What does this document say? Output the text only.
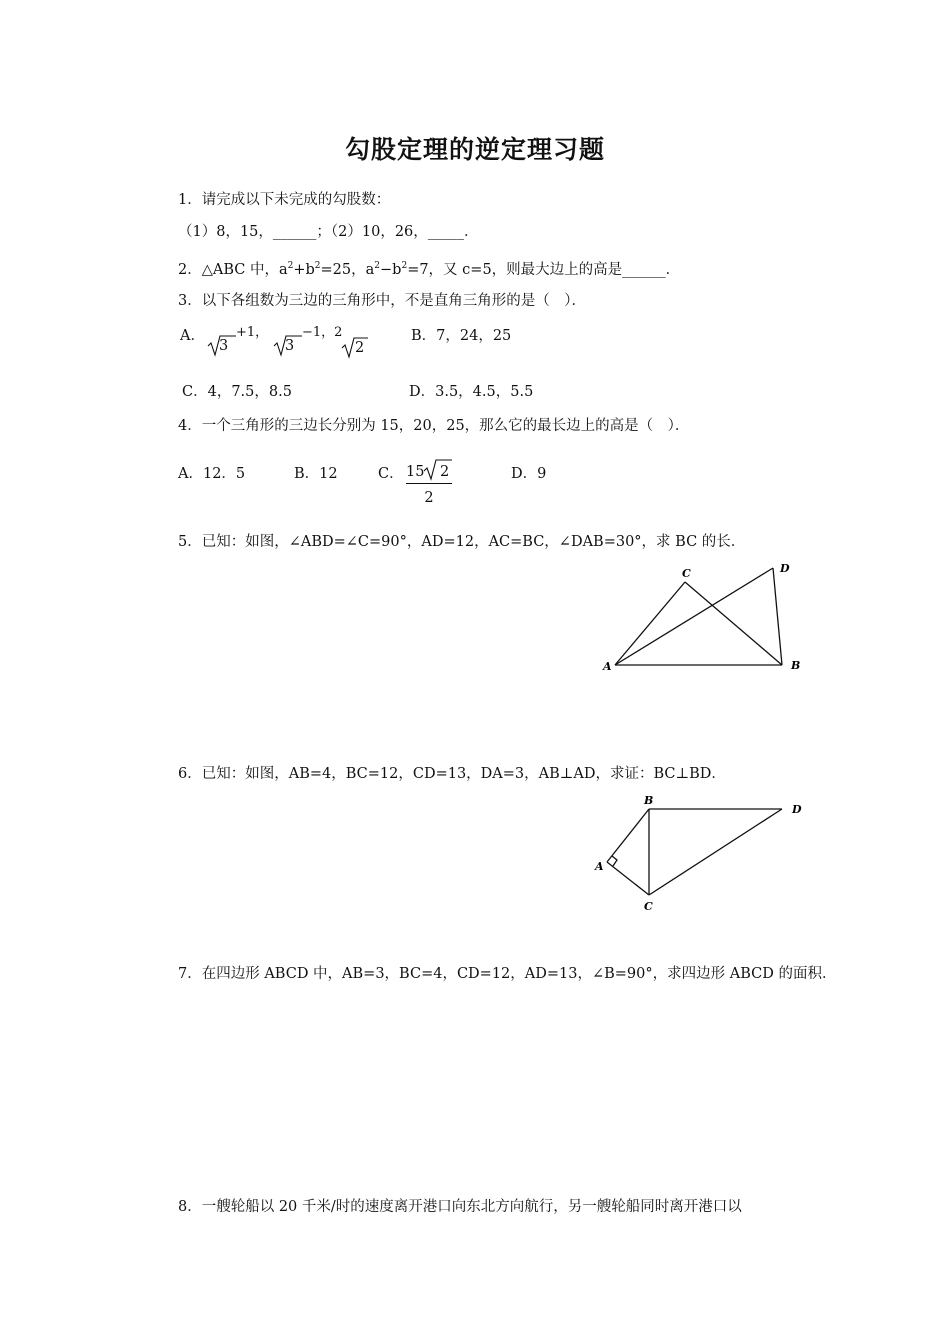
勾股定理的逆定理习题
1．请完成以下未完成的勾股数：
（1）8，15，______；（2）10，26，_____．
2．△ABC 中，$a^2+b^2=25$，$a^2-b^2=7$，又 c=5，则最大边上的高是______．
3．以下各组数为三边的三角形中，不是直角三角形的是（　）．
A．
3
+1，
3
−1，2
2
B．7，24，25
C．4，7.5，8.5	D．3.5，4.5，5.5
4．一个三角形的三边长分别为 15，20，25，那么它的最长边上的高是（　）．
A．12．5	B．12	C． 15 2
2
D．9
5．已知：如图，∠ABD=∠C=90°，AD=12，AC=BC，∠DAB=30°，求 BC 的长．
A	B
C	D
6．已知：如图，AB=4，BC=12，CD=13，DA=3，AB⊥AD，求证：BC⊥BD．
B
D
A
C
7．在四边形 ABCD 中，AB=3，BC=4，CD=12，AD=13，∠B=90°，求四边形 ABCD 的面积．
8．一艘轮船以 20 千米/时的速度离开港口向东北方向航行，另一艘轮船同时离开港口以
